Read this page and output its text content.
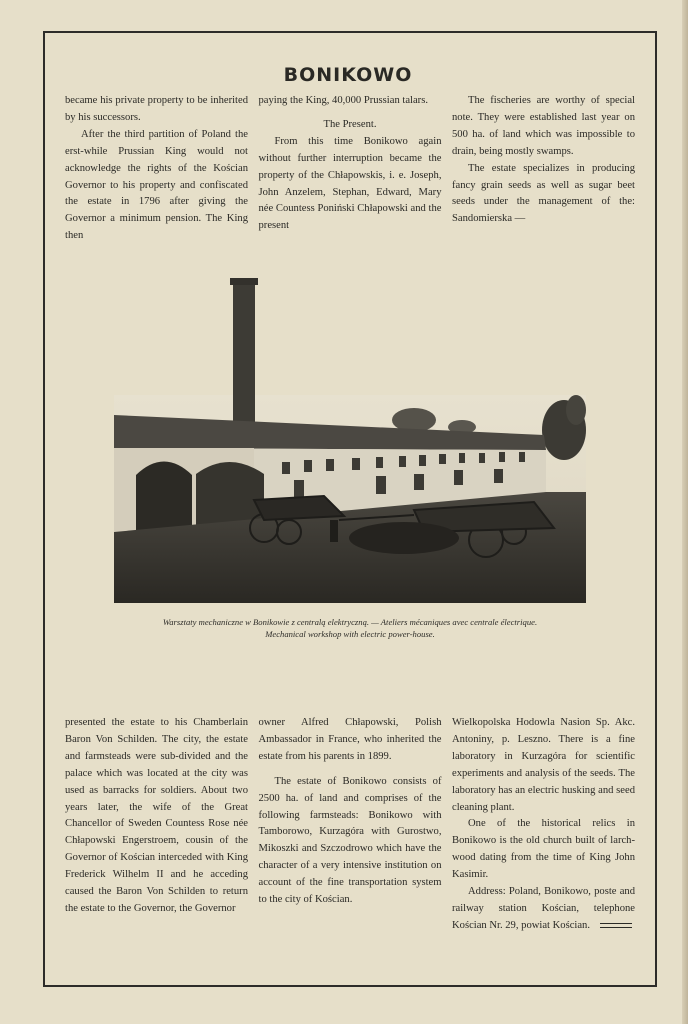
BONIKOWO

became his private property to be inherited by his successors.

After the third partition of Poland the erst-while Prussian King would not acknowledge the rights of the Kościan Governor to his property and confiscated the estate in 1796 after giving the Governor a minimum pension. The King then

paying the King, 40,000 Prussian talars.

The Present.

From this time Bonikowo again without further interruption became the property of the Chłapowskis, i. e. Joseph, John Anzelem, Stephan, Edward, Mary née Countess Poniński Chłapowski and the present

The fischeries are worthy of special note. They were established last year on 500 ha. of land which was impossible to drain, being mostly swamps.

The estate specializes in producing fancy grain seeds as well as sugar beet seeds under the management of the: Sandomierska —

Warsztaty mechaniczne w Bonikowie z centralą elektryczną. — Ateliers mécaniques avec centrale électrique.
Mechanical workshop with electric power-house.

presented the estate to his Chamberlain Baron Von Schilden. The city, the estate and farmsteads were sub-divided and the palace which was located at the city was used as barracks for soldiers. About two years later, the wife of the Great Chancellor of Sweden Countess Rose née Chłapowski Engerstroem, cousin of the Governor of Kościan interceded with King Frederick Wilhelm II and he acceding caused the Baron Von Schilden to return the estate to the Governor, the Governor

owner Alfred Chłapowski, Polish Ambassador in France, who inherited the estate from his parents in 1899.

The estate of Bonikowo consists of 2500 ha. of land and comprises of the following farmsteads: Bonikowo with Tamborowo, Kurzagóra with Gurostwo, Mikoszki and Szczodrowo which have the character of a very intensive institution on account of the fine transportation system to the city of Kościan.

Wielkopolska Hodowla Nasion Sp. Akc. Antoniny, p. Leszno. There is a fine laboratory in Kurzagóra for scientific experiments and analysis of the seeds. The laboratory has an electric husking and seed cleaning plant.

One of the historical relics in Bonikowo is the old church built of larch-wood dating from the time of King John Kasimir.

Address: Poland, Bonikowo, poste and railway station Kościan, telephone Kościan Nr. 29, powiat Kościan.
